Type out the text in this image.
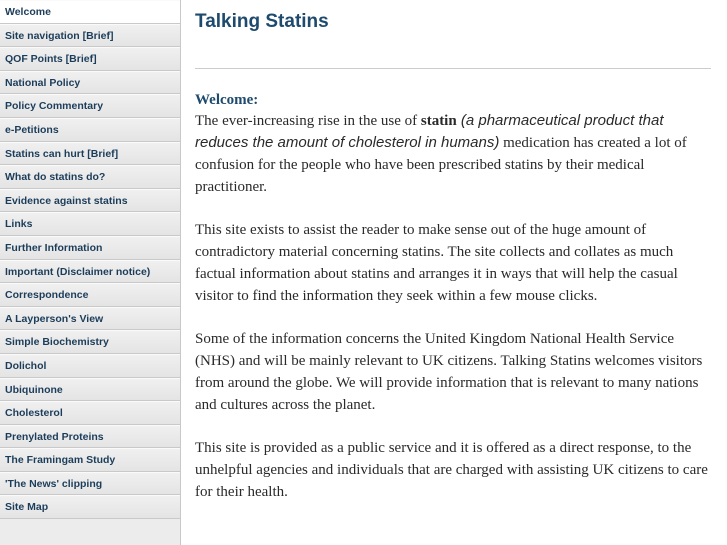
Welcome
Site navigation [Brief]
QOF Points [Brief]
National Policy
Policy Commentary
e-Petitions
Statins can hurt [Brief]
What do statins do?
Evidence against statins
Links
Further Information
Important (Disclaimer notice)
Correspondence
A Layperson's View
Simple Biochemistry
Dolichol
Ubiquinone
Cholesterol
Prenylated Proteins
The Framingam Study
'The News' clipping
Site Map
Talking Statins
Welcome:

The ever-increasing rise in the use of statin (a pharmaceutical product that reduces the amount of cholesterol in humans) medication has created a lot of confusion for the people who have been prescribed statins by their medical practitioner.

This site exists to assist the reader to make sense out of the huge amount of contradictory material concerning statins. The site collects and collates as much factual information about statins and arranges it in ways that will help the casual visitor to find the information they seek within a few mouse clicks.

Some of the information concerns the United Kingdom National Health Service (NHS) and will be mainly relevant to UK citizens. Talking Statins welcomes visitors from around the globe. We will provide information that is relevant to many nations and cultures across the planet.

This site is provided as a public service and it is offered as a direct response, to the unhelpful agencies and individuals that are charged with assisting UK citizens to care for their health.
